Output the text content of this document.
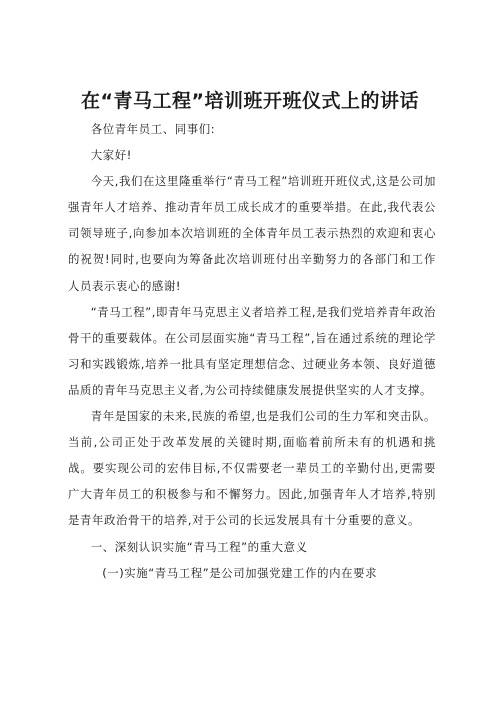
在“青马工程”培训班开班仪式上的讲话

各位青年员工、同事们:

大家好!

今天,我们在这里隆重举行“青马工程”培训班开班仪式,这是公司加强青年人才培养、推动青年员工成长成才的重要举措。在此,我代表公司领导班子,向参加本次培训班的全体青年员工表示热烈的欢迎和衷心的祝贺!同时,也要向为筹备此次培训班付出辛勤努力的各部门和工作人员表示衷心的感谢!

“青马工程”,即青年马克思主义者培养工程,是我们党培养青年政治骨干的重要载体。在公司层面实施“青马工程”,旨在通过系统的理论学习和实践锻炼,培养一批具有坚定理想信念、过硬业务本领、良好道德品质的青年马克思主义者,为公司持续健康发展提供坚实的人才支撑。

青年是国家的未来,民族的希望,也是我们公司的生力军和突击队。当前,公司正处于改革发展的关键时期,面临着前所未有的机遇和挑战。要实现公司的宏伟目标,不仅需要老一辈员工的辛勤付出,更需要广大青年员工的积极参与和不懈努力。因此,加强青年人才培养,特别是青年政治骨干的培养,对于公司的长远发展具有十分重要的意义。

一、深刻认识实施“青马工程”的重大意义

(一)实施“青马工程”是公司加强党建工作的内在要求
